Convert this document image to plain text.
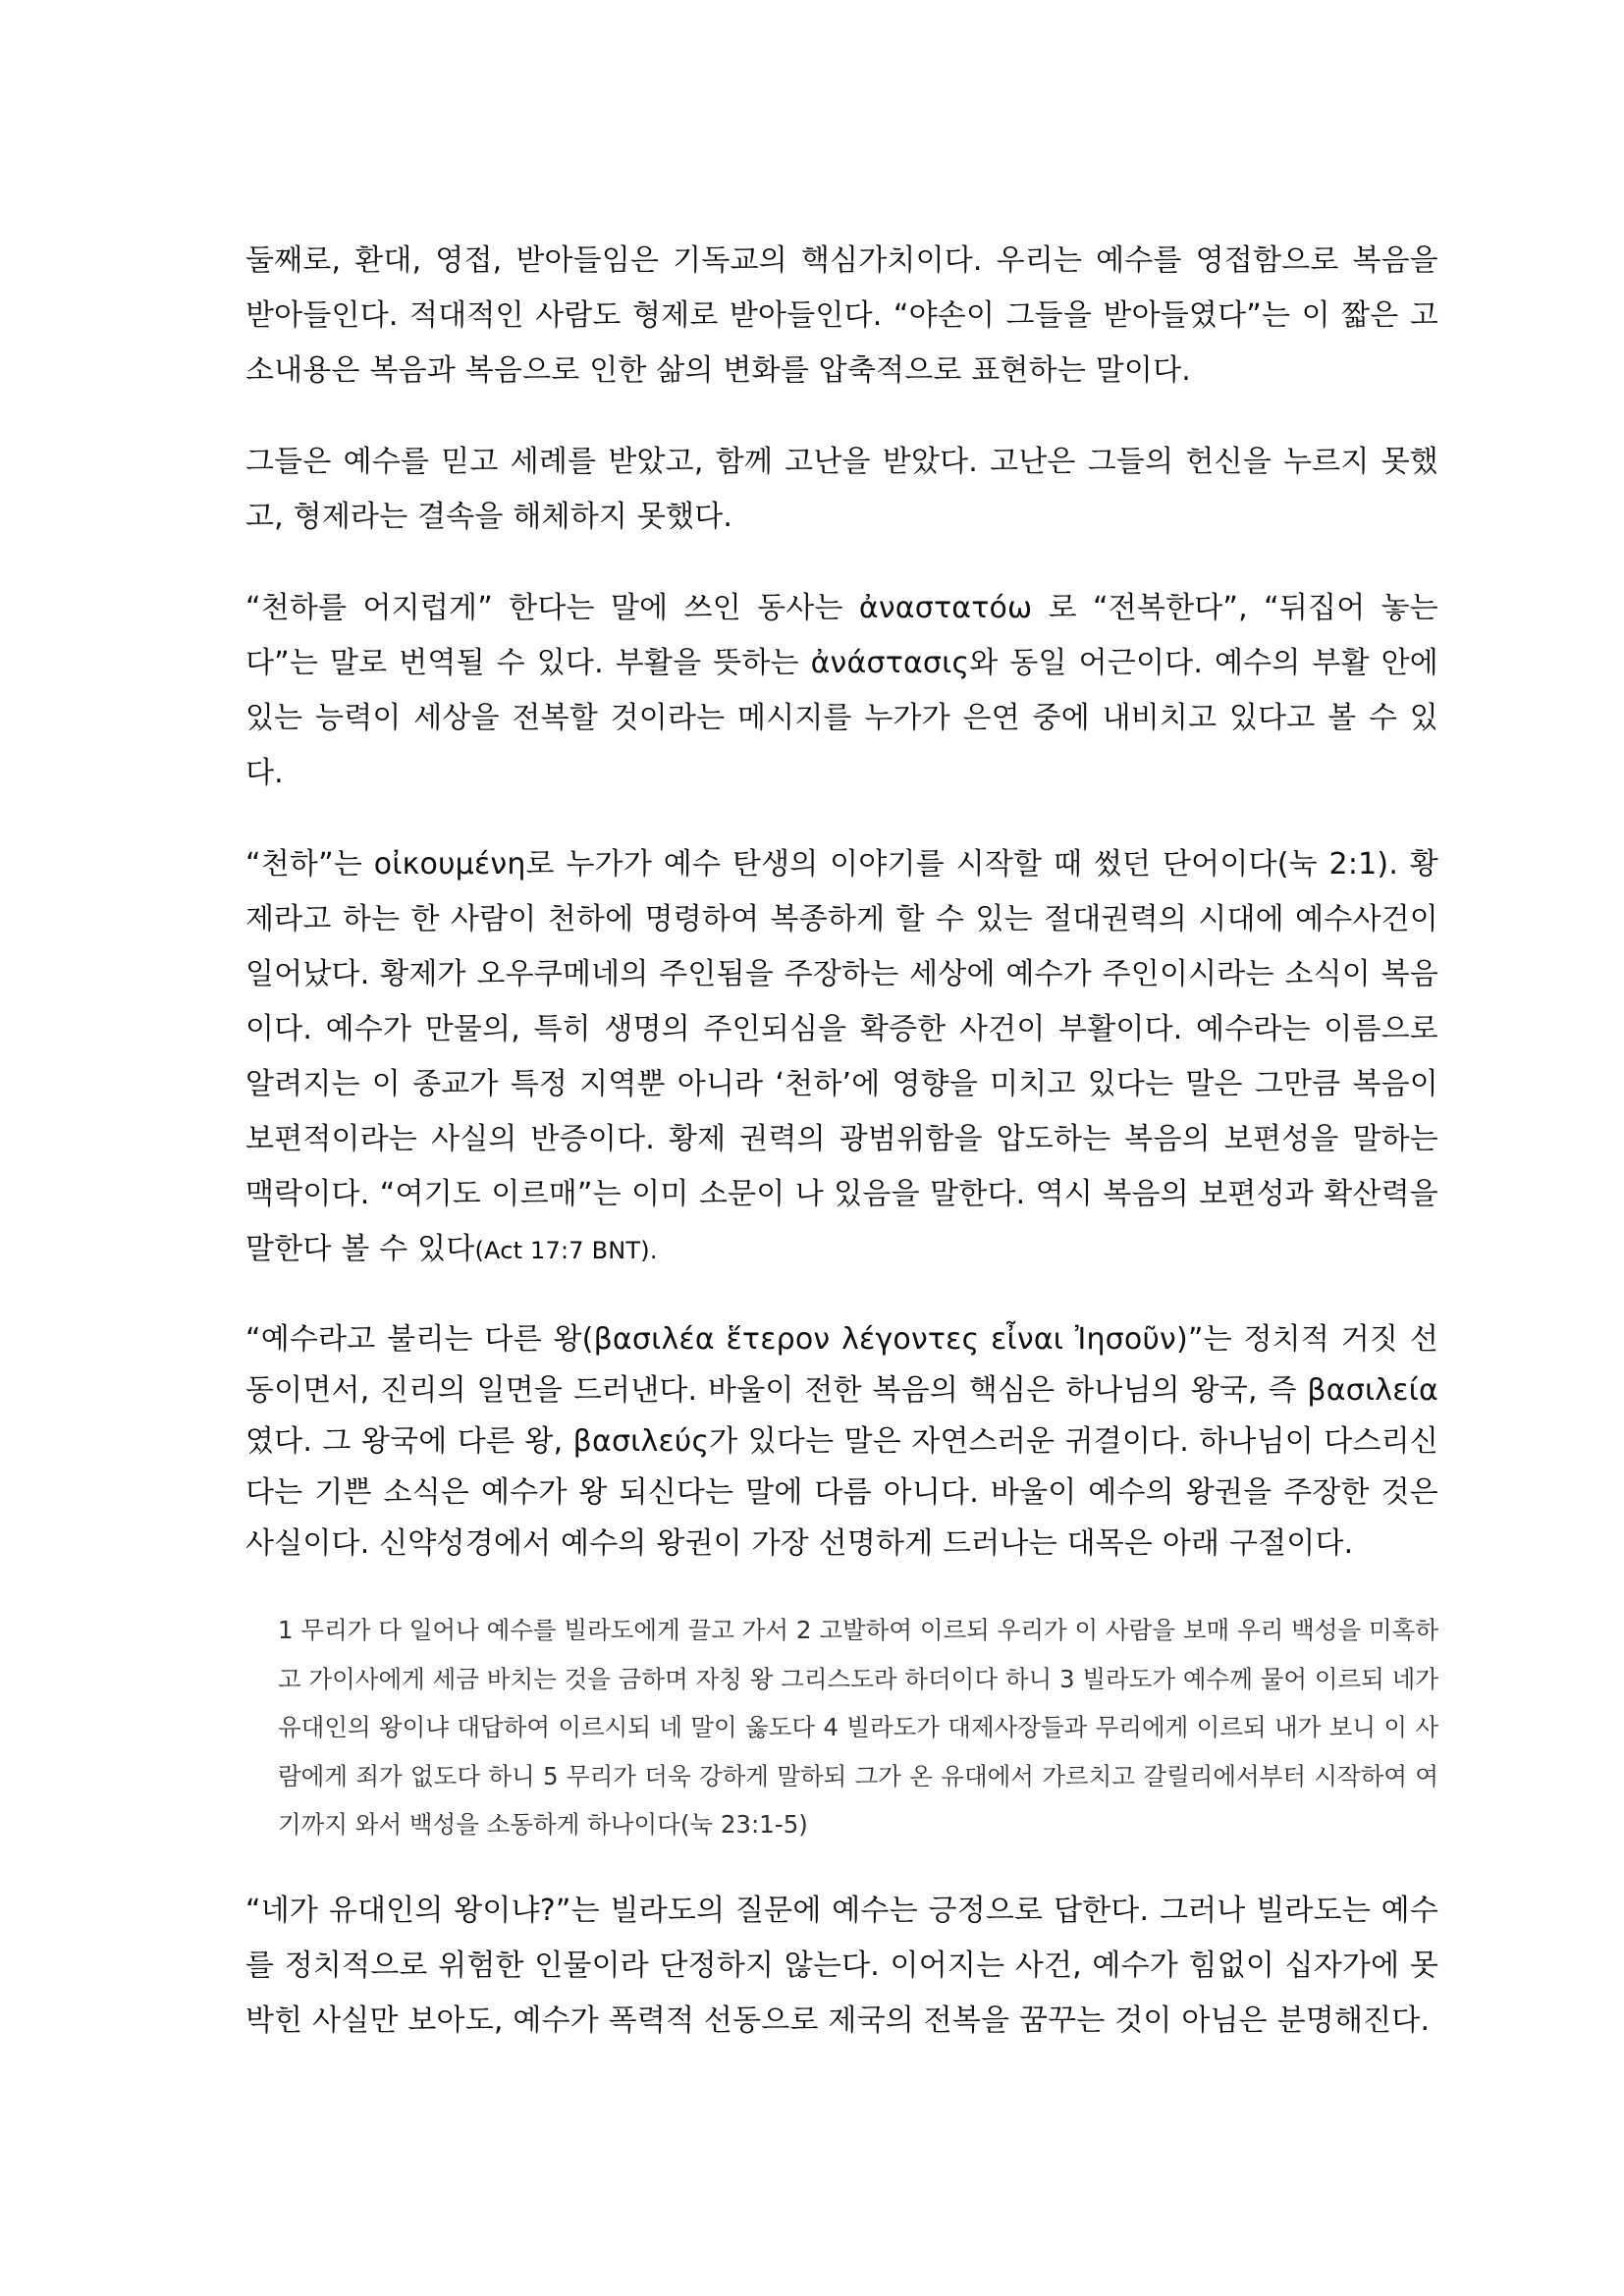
둘째로, 환대, 영접, 받아들임은 기독교의 핵심가치이다. 우리는 예수를 영접함으로 복음을 받아들인다. 적대적인 사람도 형제로 받아들인다. “야손이 그들을 받아들였다”는 이 짧은 고소내용은 복음과 복음으로 인한 삶의 변화를 압축적으로 표현하는 말이다.

그들은 예수를 믿고 세례를 받았고, 함께 고난을 받았다. 고난은 그들의 헌신을 누르지 못했고, 형제라는 결속을 해체하지 못했다.

“천하를 어지럽게” 한다는 말에 쓰인 동사는 ἀναστατόω 로 “전복한다”, “뒤집어 놓는다”는 말로 번역될 수 있다. 부활을 뜻하는 ἀνάστασις와 동일 어근이다. 예수의 부활 안에 있는 능력이 세상을 전복할 것이라는 메시지를 누가가 은연 중에 내비치고 있다고 볼 수 있다.

“천하”는 οἰκουμένη로 누가가 예수 탄생의 이야기를 시작할 때 썼던 단어이다(눅 2:1). 황제라고 하는 한 사람이 천하에 명령하여 복종하게 할 수 있는 절대권력의 시대에 예수사건이 일어났다. 황제가 오우쿠메네의 주인됨을 주장하는 세상에 예수가 주인이시라는 소식이 복음이다. 예수가 만물의, 특히 생명의 주인되심을 확증한 사건이 부활이다. 예수라는 이름으로 알려지는 이 종교가 특정 지역뿐 아니라 ‘천하’에 영향을 미치고 있다는 말은 그만큼 복음이 보편적이라는 사실의 반증이다. 황제 권력의 광범위함을 압도하는 복음의 보편성을 말하는 맥락이다. “여기도 이르매”는 이미 소문이 나 있음을 말한다. 역시 복음의 보편성과 확산력을 말한다 볼 수 있다(Act 17:7 BNT).

“예수라고 불리는 다른 왕(βασιλέα ἕτερον λέγοντες εἶναι Ἰησοῦν)”는 정치적 거짓 선동이면서, 진리의 일면을 드러낸다. 바울이 전한 복음의 핵심은 하나님의 왕국, 즉 βασιλεία 였다. 그 왕국에 다른 왕, βασιλεύς가 있다는 말은 자연스러운 귀결이다. 하나님이 다스리신다는 기쁜 소식은 예수가 왕 되신다는 말에 다름 아니다. 바울이 예수의 왕권을 주장한 것은 사실이다. 신약성경에서 예수의 왕권이 가장 선명하게 드러나는 대목은 아래 구절이다.

1 무리가 다 일어나 예수를 빌라도에게 끌고 가서 2 고발하여 이르되 우리가 이 사람을 보매 우리 백성을 미혹하고 가이사에게 세금 바치는 것을 금하며 자칭 왕 그리스도라 하더이다 하니 3 빌라도가 예수께 물어 이르되 네가 유대인의 왕이냐 대답하여 이르시되 네 말이 옳도다 4 빌라도가 대제사장들과 무리에게 이르되 내가 보니 이 사람에게 죄가 없도다 하니 5 무리가 더욱 강하게 말하되 그가 온 유대에서 가르치고 갈릴리에서부터 시작하여 여기까지 와서 백성을 소동하게 하나이다(눅 23:1-5)

“네가 유대인의 왕이냐?”는 빌라도의 질문에 예수는 긍정으로 답한다. 그러나 빌라도는 예수를 정치적으로 위험한 인물이라 단정하지 않는다. 이어지는 사건, 예수가 힘없이 십자가에 못 박힌 사실만 보아도, 예수가 폭력적 선동으로 제국의 전복을 꿈꾸는 것이 아님은 분명해진다.
